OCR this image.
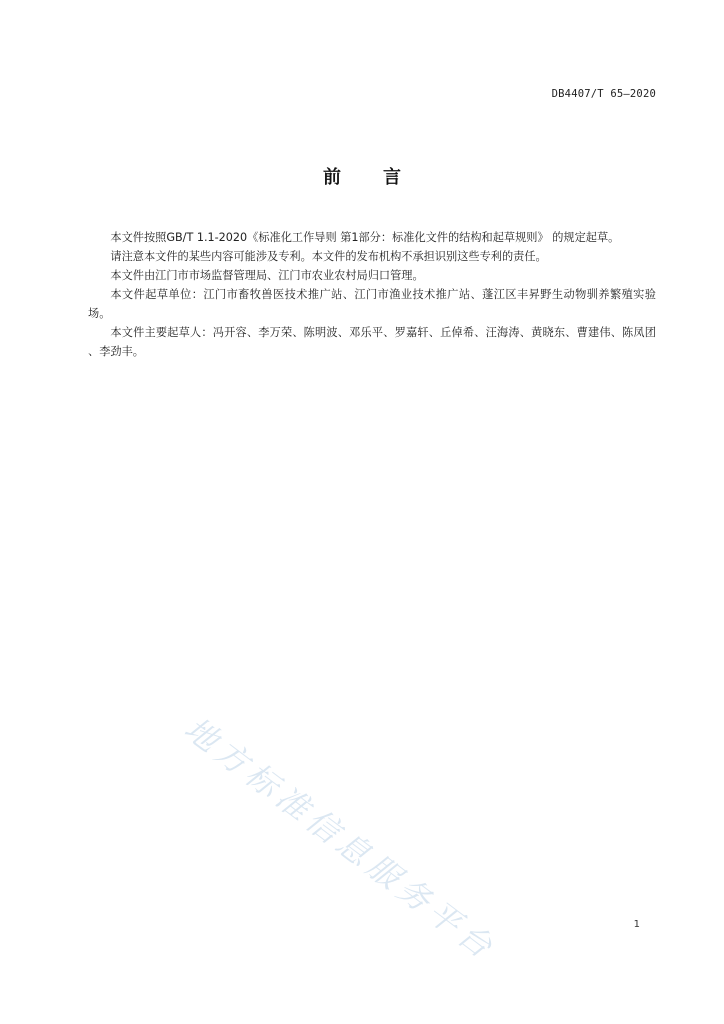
DB4407/T 65—2020
前 言

本文件按照GB/T 1.1-2020《标准化工作导则 第1部分：标准化文件的结构和起草规则》 的规定起草。

请注意本文件的某些内容可能涉及专利。本文件的发布机构不承担识别这些专利的责任。

本文件由江门市市场监督管理局、江门市农业农村局归口管理。

本文件起草单位：江门市畜牧兽医技术推广站、江门市渔业技术推广站、蓬江区丰昇野生动物驯养繁殖实验场。

本文件主要起草人：冯开容、李万荣、陈明波、邓乐平、罗嘉轩、丘倬希、汪海涛、黄晓东、曹建伟、陈凤团 、李劲丰。

地方标准信息服务平台	1
